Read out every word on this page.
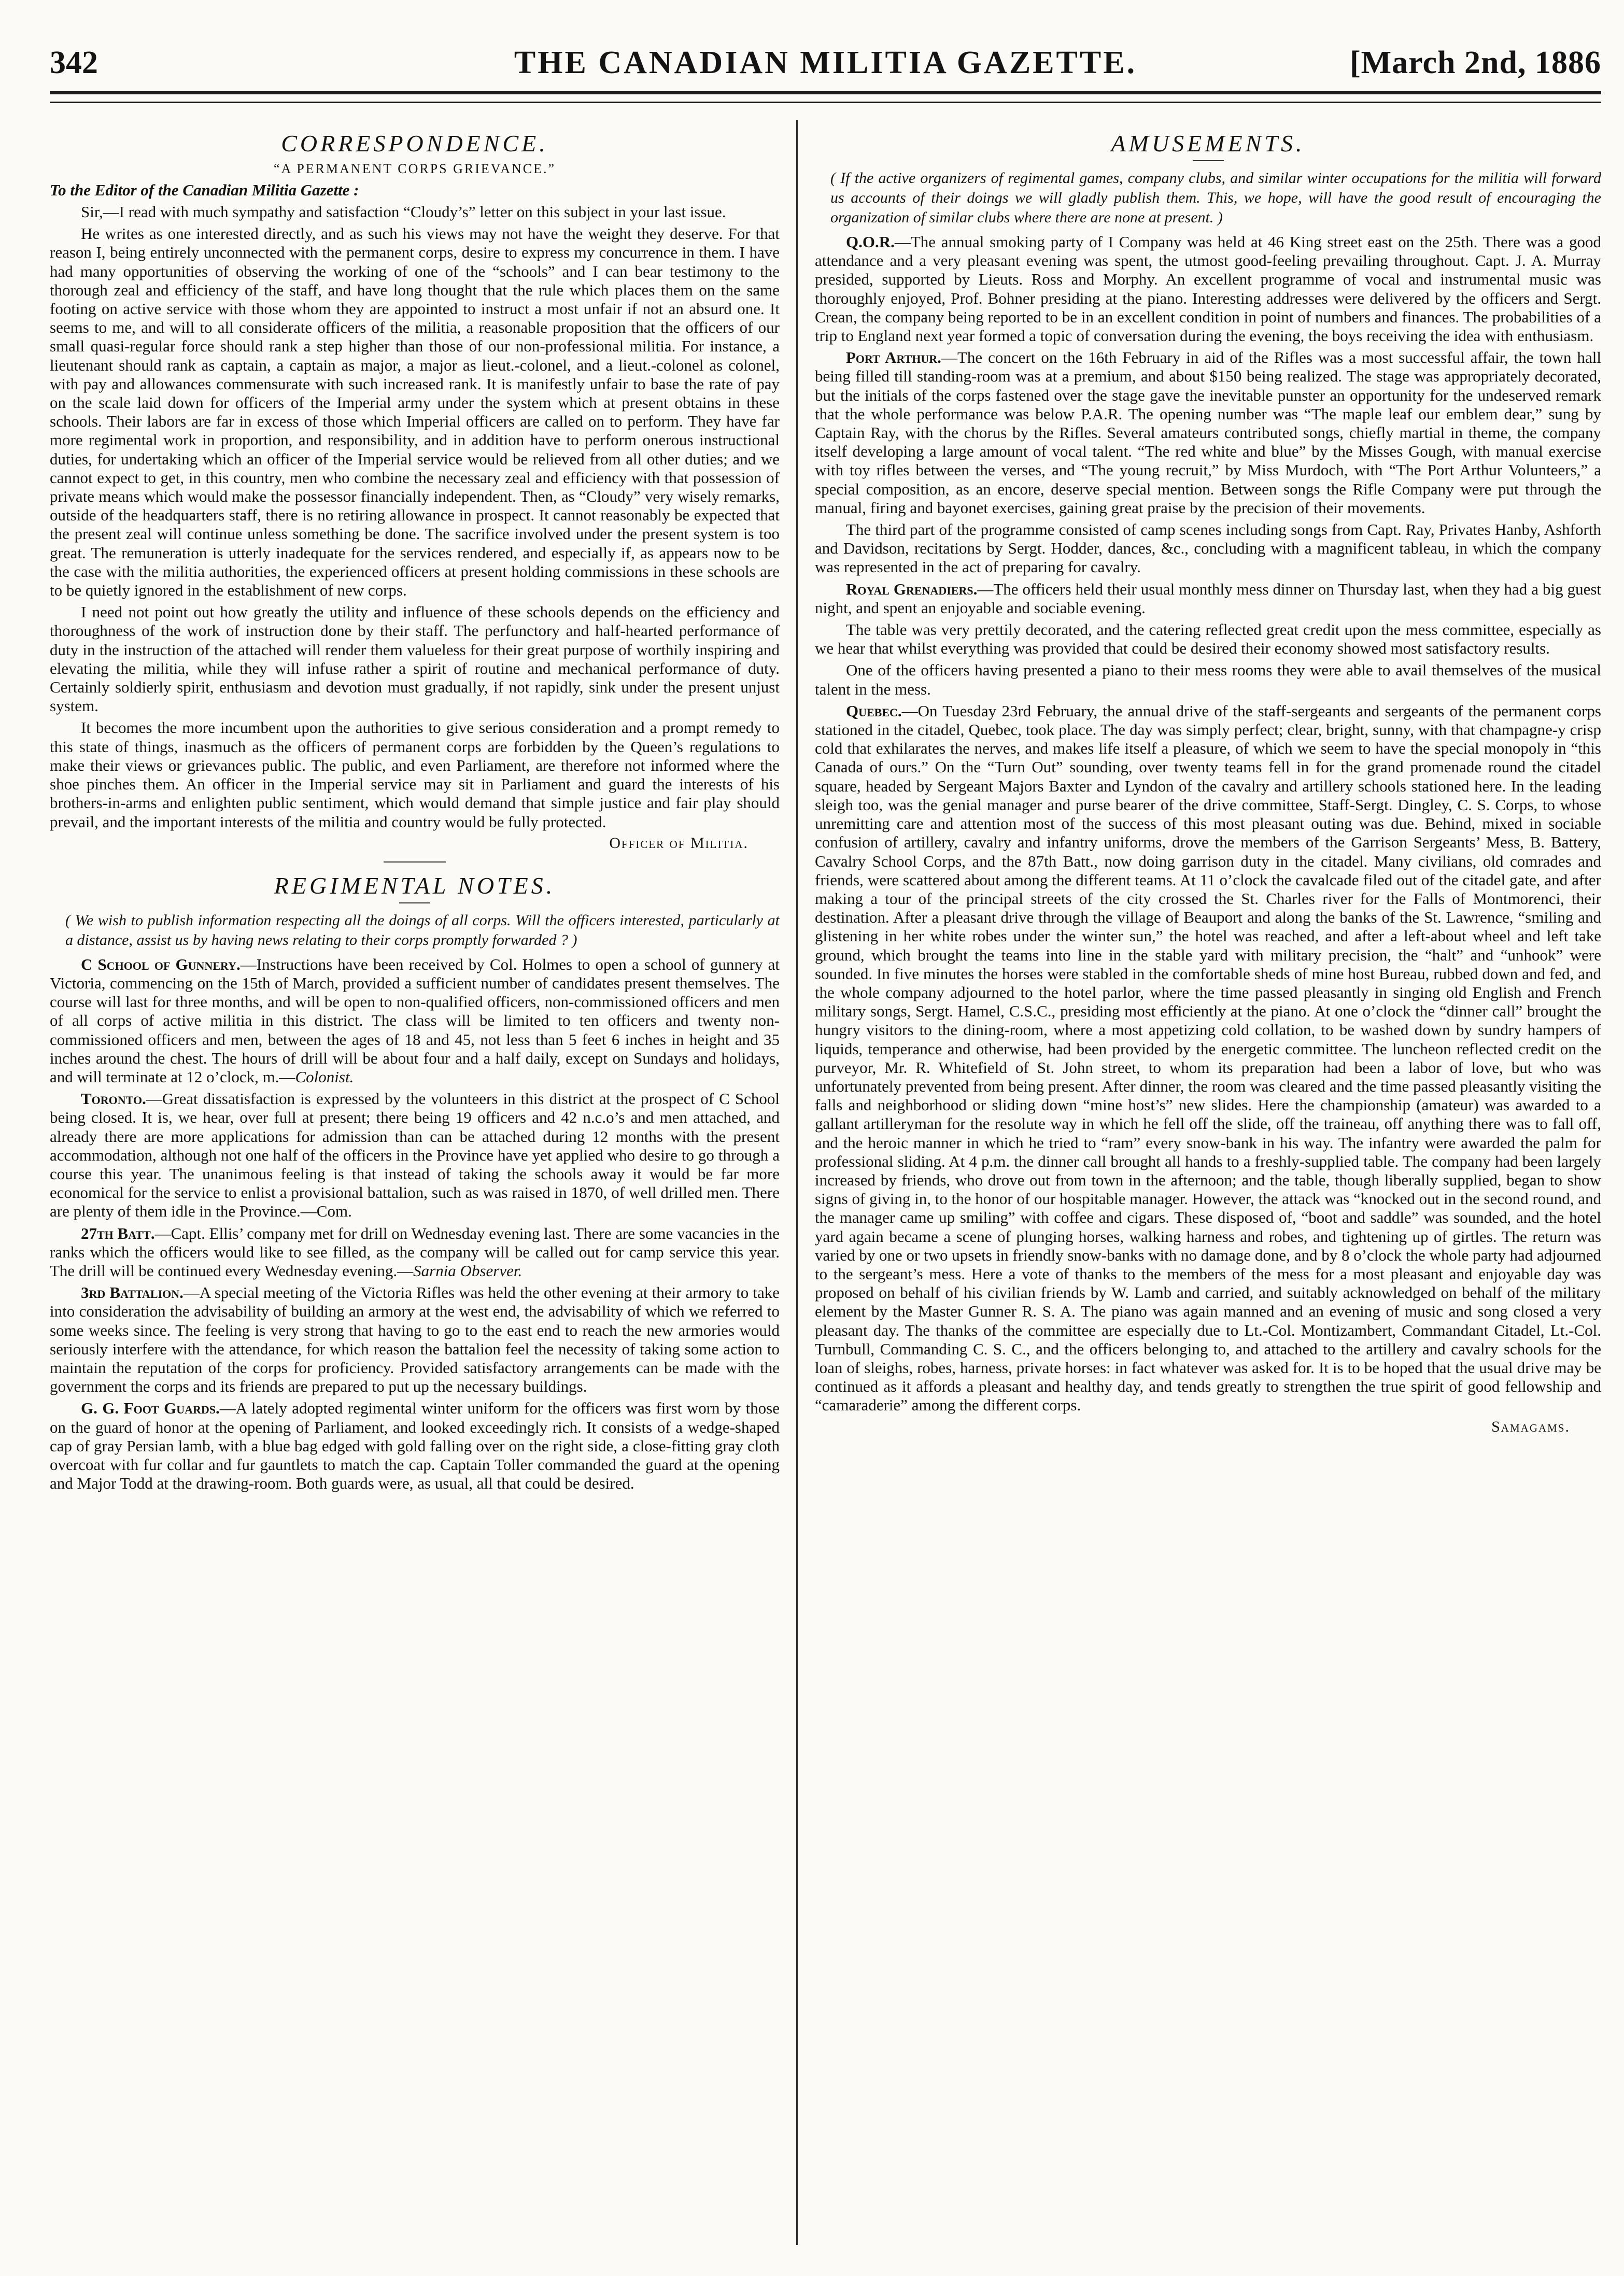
342	THE CANADIAN MILITIA GAZETTE.	[March 2nd, 1886
CORRESPONDENCE.
“A PERMANENT CORPS GRIEVANCE.”
To the Editor of the Canadian Militia Gazette :

Sir,—I read with much sympathy and satisfaction “Cloudy’s” letter on this subject in your last issue.

He writes as one interested directly, and as such his views may not have the weight they deserve. For that reason I, being entirely unconnected with the permanent corps, desire to express my concurrence in them. I have had many opportunities of observing the working of one of the “schools” and I can bear testimony to the thorough zeal and efficiency of the staff, and have long thought that the rule which places them on the same footing on active service with those whom they are appointed to instruct a most unfair if not an absurd one. It seems to me, and will to all considerate officers of the militia, a reasonable proposition that the officers of our small quasi-regular force should rank a step higher than those of our non-professional militia. For instance, a lieutenant should rank as captain, a captain as major, a major as lieut.-colonel, and a lieut.-colonel as colonel, with pay and allowances commensurate with such increased rank. It is manifestly unfair to base the rate of pay on the scale laid down for officers of the Imperial army under the system which at present obtains in these schools. Their labors are far in excess of those which Imperial officers are called on to perform. They have far more regimental work in proportion, and responsibility, and in addition have to perform onerous instructional duties, for undertaking which an officer of the Imperial service would be relieved from all other duties; and we cannot expect to get, in this country, men who combine the necessary zeal and efficiency with that possession of private means which would make the possessor financially independent. Then, as “Cloudy” very wisely remarks, outside of the headquarters staff, there is no retiring allowance in prospect. It cannot reasonably be expected that the present zeal will continue unless something be done. The sacrifice involved under the present system is too great. The remuneration is utterly inadequate for the services rendered, and especially if, as appears now to be the case with the militia authorities, the experienced officers at present holding commissions in these schools are to be quietly ignored in the establishment of new corps.

I need not point out how greatly the utility and influence of these schools depends on the efficiency and thoroughness of the work of instruction done by their staff. The perfunctory and half-hearted performance of duty in the instruction of the attached will render them valueless for their great purpose of worthily inspiring and elevating the militia, while they will infuse rather a spirit of routine and mechanical performance of duty. Certainly soldierly spirit, enthusiasm and devotion must gradually, if not rapidly, sink under the present unjust system.

It becomes the more incumbent upon the authorities to give serious consideration and a prompt remedy to this state of things, inasmuch as the officers of permanent corps are forbidden by the Queen’s regulations to make their views or grievances public. The public, and even Parliament, are therefore not informed where the shoe pinches them. An officer in the Imperial service may sit in Parliament and guard the interests of his brothers-in-arms and enlighten public sentiment, which would demand that simple justice and fair play should prevail, and the important interests of the militia and country would be fully protected.

Officer of Militia.
REGIMENTAL NOTES.
( We wish to publish information respecting all the doings of all corps. Will the officers interested, particularly at a distance, assist us by having news relating to their corps promptly forwarded ? )

C School of Gunnery.—Instructions have been received by Col. Holmes to open a school of gunnery at Victoria, commencing on the 15th of March, provided a sufficient number of candidates present themselves. The course will last for three months, and will be open to non-qualified officers, non-commissioned officers and men of all corps of active militia in this district. The class will be limited to ten officers and twenty non-commissioned officers and men, between the ages of 18 and 45, not less than 5 feet 6 inches in height and 35 inches around the chest. The hours of drill will be about four and a half daily, except on Sundays and holidays, and will terminate at 12 o’clock, m.—Colonist.

Toronto.—Great dissatisfaction is expressed by the volunteers in this district at the prospect of C School being closed. It is, we hear, over full at present; there being 19 officers and 42 n.c.o’s and men attached, and already there are more applications for admission than can be attached during 12 months with the present accommodation, although not one half of the officers in the Province have yet applied who desire to go through a course this year. The unanimous feeling is that instead of taking the schools away it would be far more economical for the service to enlist a provisional battalion, such as was raised in 1870, of well drilled men. There are plenty of them idle in the Province.—Com.

27th Batt.—Capt. Ellis’ company met for drill on Wednesday evening last. There are some vacancies in the ranks which the officers would like to see filled, as the company will be called out for camp service this year. The drill will be continued every Wednesday evening.—Sarnia Observer.

3rd Battalion.—A special meeting of the Victoria Rifles was held the other evening at their armory to take into consideration the advisability of building an armory at the west end, the advisability of which we referred to some weeks since. The feeling is very strong that having to go to the east end to reach the new armories would seriously interfere with the attendance, for which reason the battalion feel the necessity of taking some action to maintain the reputation of the corps for proficiency. Provided satisfactory arrangements can be made with the government the corps and its friends are prepared to put up the necessary buildings.

G. G. Foot Guards.—A lately adopted regimental winter uniform for the officers was first worn by those on the guard of honor at the opening of Parliament, and looked exceedingly rich. It consists of a wedge-shaped cap of gray Persian lamb, with a blue bag edged with gold falling over on the right side, a close-fitting gray cloth overcoat with fur collar and fur gauntlets to match the cap. Captain Toller commanded the guard at the opening and Major Todd at the drawing-room. Both guards were, as usual, all that could be desired.

AMUSEMENTS.
( If the active organizers of regimental games, company clubs, and similar winter occupations for the militia will forward us accounts of their doings we will gladly publish them. This, we hope, will have the good result of encouraging the organization of similar clubs where there are none at present. )

Q.O.R.—The annual smoking party of I Company was held at 46 King street east on the 25th. There was a good attendance and a very pleasant evening was spent, the utmost good-feeling prevailing throughout. Capt. J. A. Murray presided, supported by Lieuts. Ross and Morphy. An excellent programme of vocal and instrumental music was thoroughly enjoyed, Prof. Bohner presiding at the piano. Interesting addresses were delivered by the officers and Sergt. Crean, the company being reported to be in an excellent condition in point of numbers and finances. The probabilities of a trip to England next year formed a topic of conversation during the evening, the boys receiving the idea with enthusiasm.

Port Arthur.—The concert on the 16th February in aid of the Rifles was a most successful affair, the town hall being filled till standing-room was at a premium, and about $150 being realized. The stage was appropriately decorated, but the initials of the corps fastened over the stage gave the inevitable punster an opportunity for the undeserved remark that the whole performance was below P.A.R. The opening number was “The maple leaf our emblem dear,” sung by Captain Ray, with the chorus by the Rifles. Several amateurs contributed songs, chiefly martial in theme, the company itself developing a large amount of vocal talent. “The red white and blue” by the Misses Gough, with manual exercise with toy rifles between the verses, and “The young recruit,” by Miss Murdoch, with “The Port Arthur Volunteers,” a special composition, as an encore, deserve special mention. Between songs the Rifle Company were put through the manual, firing and bayonet exercises, gaining great praise by the precision of their movements.

The third part of the programme consisted of camp scenes including songs from Capt. Ray, Privates Hanby, Ashforth and Davidson, recitations by Sergt. Hodder, dances, &c., concluding with a magnificent tableau, in which the company was represented in the act of preparing for cavalry.

Royal Grenadiers.—The officers held their usual monthly mess dinner on Thursday last, when they had a big guest night, and spent an enjoyable and sociable evening.

The table was very prettily decorated, and the catering reflected great credit upon the mess committee, especially as we hear that whilst everything was provided that could be desired their economy showed most satisfactory results.

One of the officers having presented a piano to their mess rooms they were able to avail themselves of the musical talent in the mess.

Quebec.—On Tuesday 23rd February, the annual drive of the staff-sergeants and sergeants of the permanent corps stationed in the citadel, Quebec, took place. The day was simply perfect; clear, bright, sunny, with that champagne-y crisp cold that exhilarates the nerves, and makes life itself a pleasure, of which we seem to have the special monopoly in “this Canada of ours.” On the “Turn Out” sounding, over twenty teams fell in for the grand promenade round the citadel square, headed by Sergeant Majors Baxter and Lyndon of the cavalry and artillery schools stationed here. In the leading sleigh too, was the genial manager and purse bearer of the drive committee, Staff-Sergt. Dingley, C. S. Corps, to whose unremitting care and attention most of the success of this most pleasant outing was due. Behind, mixed in sociable confusion of artillery, cavalry and infantry uniforms, drove the members of the Garrison Sergeants’ Mess, B. Battery, Cavalry School Corps, and the 87th Batt., now doing garrison duty in the citadel. Many civilians, old comrades and friends, were scattered about among the different teams. At 11 o’clock the cavalcade filed out of the citadel gate, and after making a tour of the principal streets of the city crossed the St. Charles river for the Falls of Montmorenci, their destination. After a pleasant drive through the village of Beauport and along the banks of the St. Lawrence, “smiling and glistening in her white robes under the winter sun,” the hotel was reached, and after a left-about wheel and left take ground, which brought the teams into line in the stable yard with military precision, the “halt” and “unhook” were sounded. In five minutes the horses were stabled in the comfortable sheds of mine host Bureau, rubbed down and fed, and the whole company adjourned to the hotel parlor, where the time passed pleasantly in singing old English and French military songs, Sergt. Hamel, C.S.C., presiding most efficiently at the piano. At one o’clock the “dinner call” brought the hungry visitors to the dining-room, where a most appetizing cold collation, to be washed down by sundry hampers of liquids, temperance and otherwise, had been provided by the energetic committee. The luncheon reflected credit on the purveyor, Mr. R. Whitefield of St. John street, to whom its preparation had been a labor of love, but who was unfortunately prevented from being present. After dinner, the room was cleared and the time passed pleasantly visiting the falls and neighborhood or sliding down “mine host’s” new slides. Here the championship (amateur) was awarded to a gallant artilleryman for the resolute way in which he fell off the slide, off the traineau, off anything there was to fall off, and the heroic manner in which he tried to “ram” every snow-bank in his way. The infantry were awarded the palm for professional sliding. At 4 p.m. the dinner call brought all hands to a freshly-supplied table. The company had been largely increased by friends, who drove out from town in the afternoon; and the table, though liberally supplied, began to show signs of giving in, to the honor of our hospitable manager. However, the attack was “knocked out in the second round, and the manager came up smiling” with coffee and cigars. These disposed of, “boot and saddle” was sounded, and the hotel yard again became a scene of plunging horses, walking harness and robes, and tightening up of girtles. The return was varied by one or two upsets in friendly snow-banks with no damage done, and by 8 o’clock the whole party had adjourned to the sergeant’s mess. Here a vote of thanks to the members of the mess for a most pleasant and enjoyable day was proposed on behalf of his civilian friends by W. Lamb and carried, and suitably acknowledged on behalf of the military element by the Master Gunner R. S. A. The piano was again manned and an evening of music and song closed a very pleasant day. The thanks of the committee are especially due to Lt.-Col. Montizambert, Commandant Citadel, Lt.-Col. Turnbull, Commanding C. S. C., and the officers belonging to, and attached to the artillery and cavalry schools for the loan of sleighs, robes, harness, private horses: in fact whatever was asked for. It is to be hoped that the usual drive may be continued as it affords a pleasant and healthy day, and tends greatly to strengthen the true spirit of good fellowship and “camaraderie” among the different corps.

Samagams.
